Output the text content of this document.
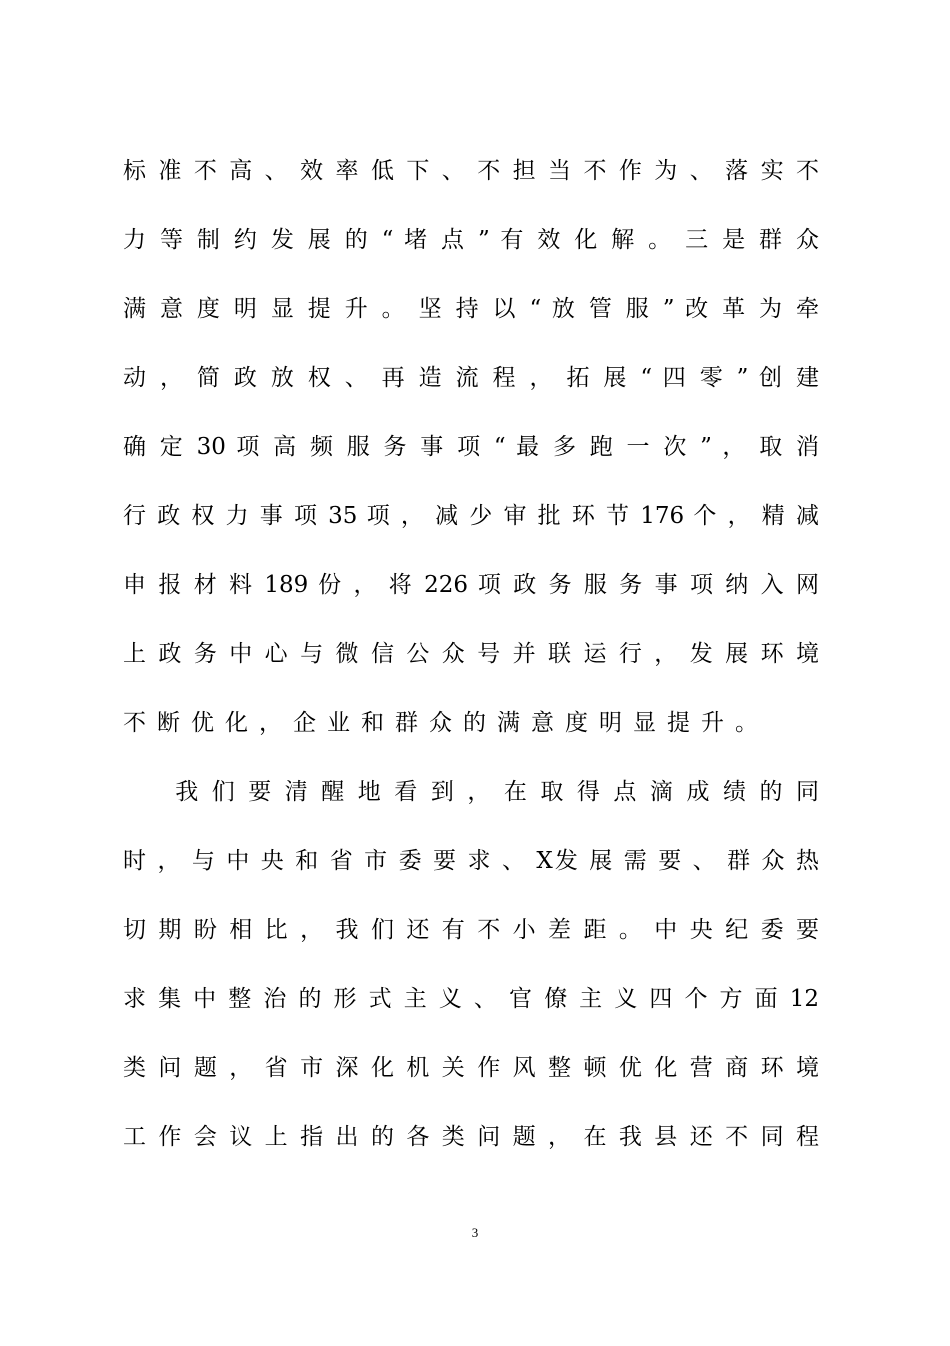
标 准 不 高 、 效 率 低 下 、 不 担 当 不 作 为 、 落 实 不
力 等 制 约 发 展 的 “ 堵 点 ” 有 效 化 解 。 三 是 群 众
满 意 度 明 显 提 升 。 坚 持 以 “ 放 管 服 ” 改 革 为 牵
动 ， 简 政 放 权 、 再 造 流 程 ， 拓 展 “ 四 零 ” 创 建
确 定 30 项 高 频 服 务 事 项 “ 最 多 跑 一 次 ” ， 取 消
行 政 权 力 事 项 35 项 ， 减 少 审 批 环 节 176 个 ， 精 减
申 报 材 料 189 份 ， 将 226 项 政 务 服 务 事 项 纳 入 网
上 政 务 中 心 与 微 信 公 众 号 并 联 运 行 ， 发 展 环 境
不断优化，企业和群众的满意度明显提升。
　　我 们 要 清 醒 地 看 到 ， 在 取 得 点 滴 成 绩 的 同
时 ， 与 中 央 和 省 市 委 要 求 、 X发 展 需 要 、 群 众 热
切 期 盼 相 比 ， 我 们 还 有 不 小 差 距 。 中 央 纪 委 要
求 集 中 整 治 的 形 式 主 义 、 官 僚 主 义 四 个 方 面 12
类 问 题 ， 省 市 深 化 机 关 作 风 整 顿 优 化 营 商 环 境
工 作 会 议 上 指 出 的 各 类 问 题 ， 在 我 县 还 不 同 程
3
